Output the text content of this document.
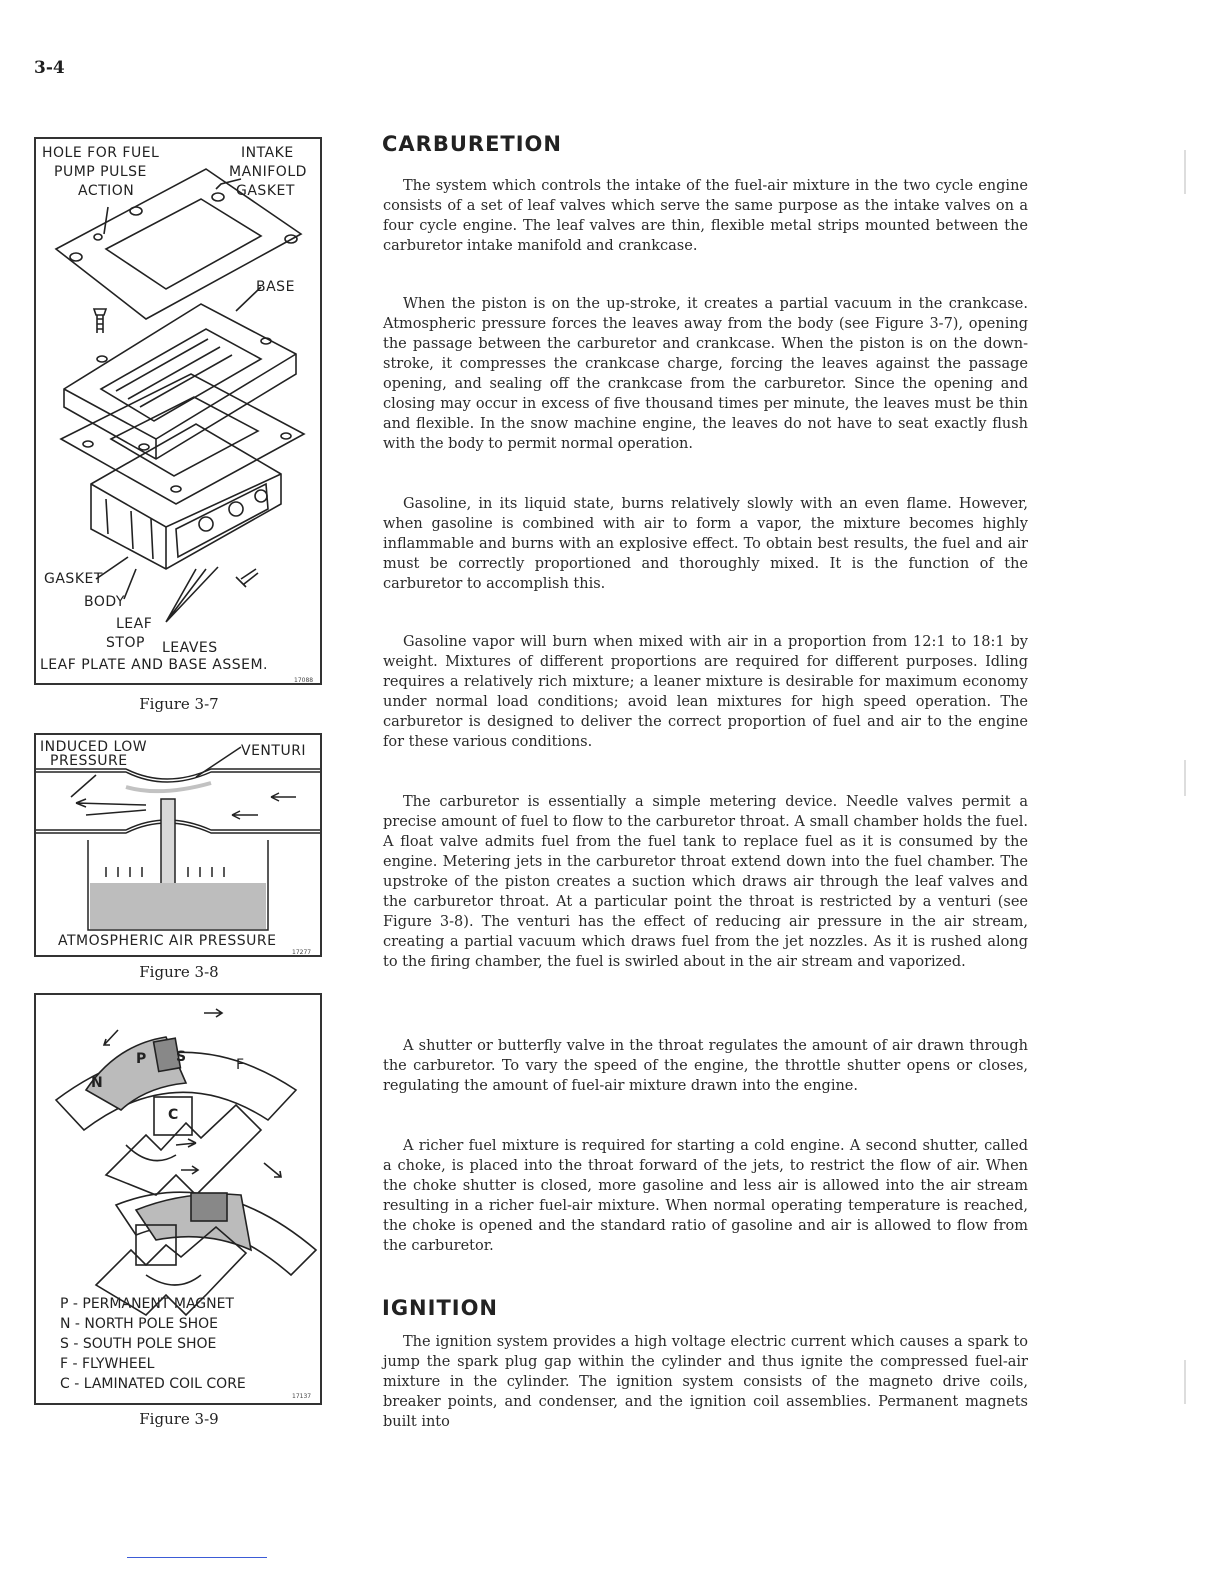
3-4
HOLE FOR FUEL
PUMP PULSE
ACTION
INTAKE
MANIFOLD
GASKET
BASE
GASKET
BODY
LEAF
STOP LEAVES
LEAF PLATE AND BASE ASSEM.
17088
Figure 3-7
INDUCED LOW
PRESSURE
VENTURI
ATMOSPHERIC AIR PRESSURE
17277
Figure 3-8
N
P S	F
C
P - PERMANENT MAGNET
N - NORTH POLE SHOE
S - SOUTH POLE SHOE
F - FLYWHEEL
C - LAMINATED COIL CORE
17137
Figure 3-9
CARBURETION

The system which controls the intake of the fuel-air mixture in the two cycle engine consists of a set of leaf valves which serve the same purpose as the intake valves on a four cycle engine. The leaf valves are thin, flexible metal strips mounted between the carburetor intake manifold and crankcase.

When the piston is on the up-stroke, it creates a partial vacuum in the crankcase. Atmospheric pressure forces the leaves away from the body (see Figure 3-7), opening the passage between the carburetor and crankcase. When the piston is on the down-stroke, it compresses the crankcase charge, forcing the leaves against the passage opening, and sealing off the crankcase from the carburetor. Since the opening and closing may occur in excess of five thousand times per minute, the leaves must be thin and flexible. In the snow machine engine, the leaves do not have to seat exactly flush with the body to permit normal operation.

Gasoline, in its liquid state, burns relatively slowly with an even flame. However, when gasoline is combined with air to form a vapor, the mixture becomes highly inflammable and burns with an explosive effect. To obtain best results, the fuel and air must be correctly proportioned and thoroughly mixed. It is the function of the carburetor to accomplish this.

Gasoline vapor will burn when mixed with air in a proportion from 12:1 to 18:1 by weight. Mixtures of different proportions are required for different purposes. Idling requires a relatively rich mixture; a leaner mixture is desirable for maximum economy under normal load conditions; avoid lean mixtures for high speed operation. The carburetor is designed to deliver the correct proportion of fuel and air to the engine for these various conditions.

The carburetor is essentially a simple metering device. Needle valves permit a precise amount of fuel to flow to the carburetor throat. A small chamber holds the fuel. A float valve admits fuel from the fuel tank to replace fuel as it is consumed by the engine. Metering jets in the carburetor throat extend down into the fuel chamber. The upstroke of the piston creates a suction which draws air through the leaf valves and the carburetor throat. At a particular point the throat is restricted by a venturi (see Figure 3-8). The venturi has the effect of reducing air pressure in the air stream, creating a partial vacuum which draws fuel from the jet nozzles. As it is rushed along to the firing chamber, the fuel is swirled about in the air stream and vaporized.

A shutter or butterfly valve in the throat regulates the amount of air drawn through the carburetor. To vary the speed of the engine, the throttle shutter opens or closes, regulating the amount of fuel-air mixture drawn into the engine.

A richer fuel mixture is required for starting a cold engine. A second shutter, called a choke, is placed into the throat forward of the jets, to restrict the flow of air. When the choke shutter is closed, more gasoline and less air is allowed into the air stream resulting in a richer fuel-air mixture. When normal operating temperature is reached, the choke is opened and the standard ratio of gasoline and air is allowed to flow from the carburetor.

IGNITION

The ignition system provides a high voltage electric current which causes a spark to jump the spark plug gap within the cylinder and thus ignite the compressed fuel-air mixture in the cylinder. The ignition system consists of the magneto drive coils, breaker points, and condenser, and the ignition coil assemblies. Permanent magnets built into
